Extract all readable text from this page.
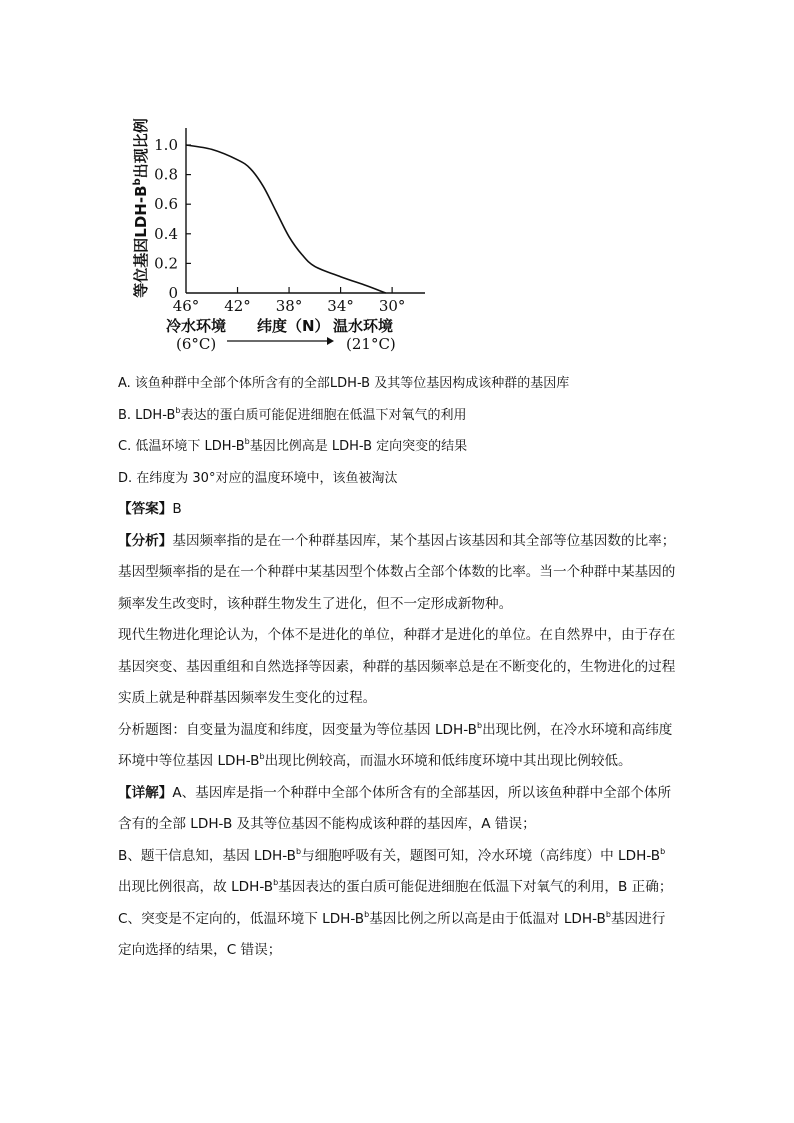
等位基因LDH-$B^b$出现比例 1.0
0.8
0.6
0.4
0.2
0
46° 42° 38° 34° 30°
冷水环境
(6°C)
纬度（N） 温水环境
(21°C)

A. 该鱼种群中全部个体所含有的全部LDH-B 及其等位基因构成该种群的基因库

B. LDH-$B^b$表达的蛋白质可能促进细胞在低温下对氧气的利用

C. 低温环境下 LDH-$B^b$基因比例高是 LDH-B 定向突变的结果

D. 在纬度为 30°对应的温度环境中，该鱼被淘汰

【答案】B

【分析】基因频率指的是在一个种群基因库，某个基因占该基因和其全部等位基因数的比率；基因型频率指的是在一个种群中某基因型个体数占全部个体数的比率。当一个种群中某基因的频率发生改变时，该种群生物发生了进化，但不一定形成新物种。

现代生物进化理论认为，个体不是进化的单位，种群才是进化的单位。在自然界中，由于存在基因突变、基因重组和自然选择等因素，种群的基因频率总是在不断变化的，生物进化的过程实质上就是种群基因频率发生变化的过程。

分析题图：自变量为温度和纬度，因变量为等位基因 LDH-$B^b$出现比例，在冷水环境和高纬度环境中等位基因 LDH-$B^b$出现比例较高，而温水环境和低纬度环境中其出现比例较低。

【详解】A、基因库是指一个种群中全部个体所含有的全部基因，所以该鱼种群中全部个体所含有的全部 LDH-B 及其等位基因不能构成该种群的基因库，A 错误；

B、题干信息知，基因 LDH-$B^b$与细胞呼吸有关，题图可知，冷水环境（高纬度）中 LDH-$B^b$出现比例很高，故 LDH-$B^b$基因表达的蛋白质可能促进细胞在低温下对氧气的利用，B 正确；

C、突变是不定向的，低温环境下 LDH-$B^b$基因比例之所以高是由于低温对 LDH-$B^b$基因进行定向选择的结果，C 错误；
